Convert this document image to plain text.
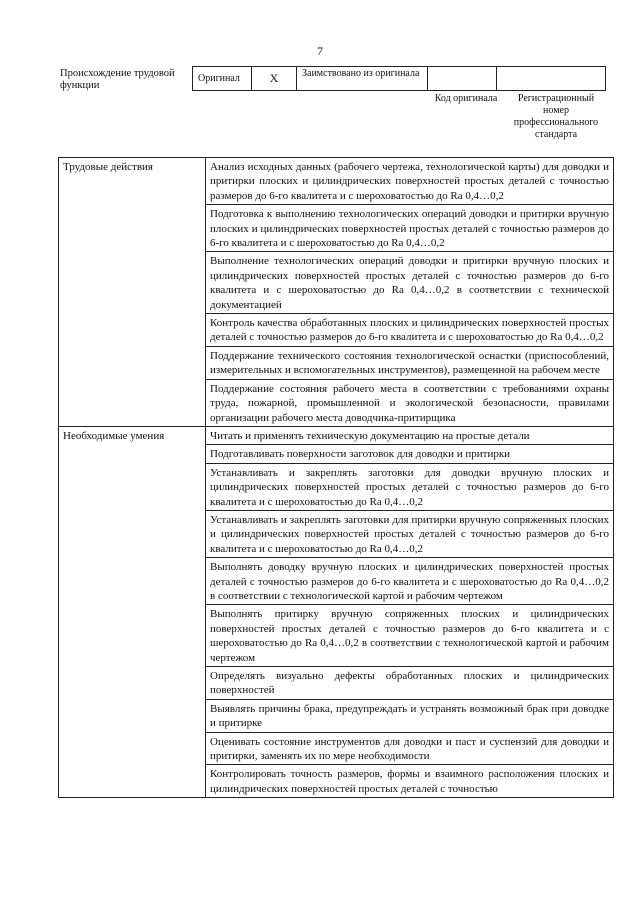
7
Происхождение трудовой функции
Оригинал	X	Заимствовано из оригинала		
Код оригинала	Регистрационный номер профессионального стандарта
Трудовые действия	Анализ исходных данных (рабочего чертежа, технологической карты) для доводки и притирки плоских и цилиндрических поверхностей простых деталей с точностью размеров до 6-го квалитета и с шероховатостью до Ra 0,4…0,2
	Подготовка к выполнению технологических операций доводки и притирки вручную плоских и цилиндрических поверхностей простых деталей с точностью размеров до 6-го квалитета и с шероховатостью до Ra 0,4…0,2
	Выполнение технологических операций доводки и притирки вручную плоских и цилиндрических поверхностей простых деталей с точностью размеров до 6-го квалитета и с шероховатостью до Ra 0,4…0,2 в соответствии с технической документацией
	Контроль качества обработанных плоских и цилиндрических поверхностей простых деталей с точностью размеров до 6-го квалитета и с шероховатостью до Ra 0,4…0,2
	Поддержание технического состояния технологической оснастки (приспособлений, измерительных и вспомогательных инструментов), размещенной на рабочем месте
	Поддержание состояния рабочего места в соответствии с требованиями охраны труда, пожарной, промышленной и экологической безопасности, правилами организации рабочего места доводчика-притирщика
Необходимые умения	Читать и применять техническую документацию на простые детали
	Подготавливать поверхности заготовок для доводки и притирки
	Устанавливать и закреплять заготовки для доводки вручную плоских и цилиндрических поверхностей простых деталей с точностью размеров до 6-го квалитета и с шероховатостью до Ra 0,4…0,2
	Устанавливать и закреплять заготовки для притирки вручную сопряженных плоских и цилиндрических поверхностей простых деталей с точностью размеров до 6-го квалитета и с шероховатостью до Ra 0,4…0,2
	Выполнять доводку вручную плоских и цилиндрических поверхностей простых деталей с точностью размеров до 6-го квалитета и с шероховатостью до Ra 0,4…0,2 в соответствии с технологической картой и рабочим чертежом
	Выполнять притирку вручную сопряженных плоских и цилиндрических поверхностей простых деталей с точностью размеров до 6-го квалитета и с шероховатостью до Ra 0,4…0,2 в соответствии с технологической картой и рабочим чертежом
	Определять визуально дефекты обработанных плоских и цилиндрических поверхностей
	Выявлять причины брака, предупреждать и устранять возможный брак при доводке и притирке
	Оценивать состояние инструментов для доводки и паст и суспензий для доводки и притирки, заменять их по мере необходимости
	Контролировать точность размеров, формы и взаимного расположения плоских и цилиндрических поверхностей простых деталей с точностью
